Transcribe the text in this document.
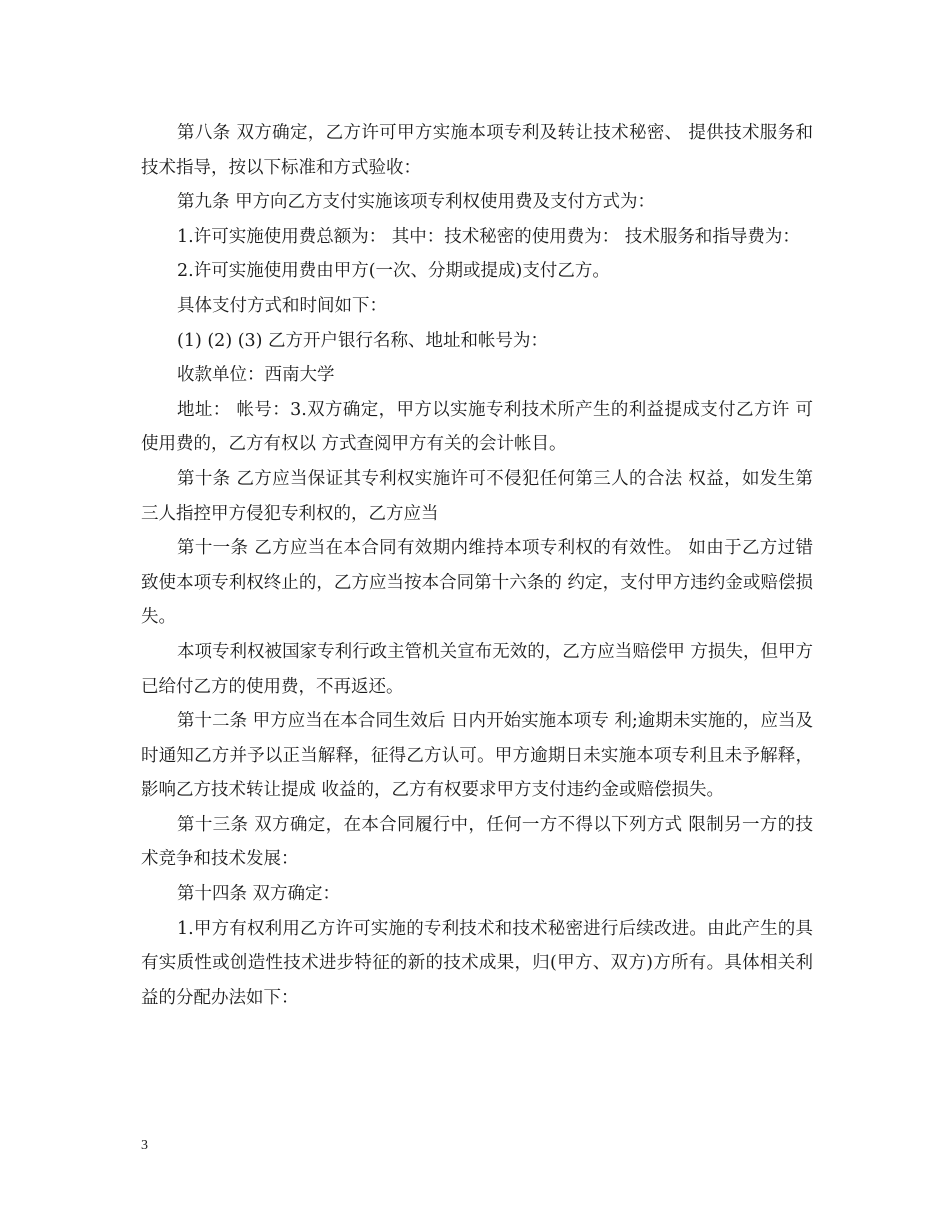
第八条 双方确定，乙方许可甲方实施本项专利及转让技术秘密、 提供技术服务和技术指导，按以下标准和方式验收：

第九条 甲方向乙方支付实施该项专利权使用费及支付方式为：

1.许可实施使用费总额为： 其中：技术秘密的使用费为： 技术服务和指导费为：

2.许可实施使用费由甲方(一次、分期或提成)支付乙方。

具体支付方式和时间如下：

(1) (2) (3) 乙方开户银行名称、地址和帐号为：

收款单位：西南大学

地址： 帐号：3.双方确定，甲方以实施专利技术所产生的利益提成支付乙方许 可使用费的，乙方有权以 方式查阅甲方有关的会计帐目。

第十条 乙方应当保证其专利权实施许可不侵犯任何第三人的合法 权益，如发生第三人指控甲方侵犯专利权的，乙方应当

第十一条 乙方应当在本合同有效期内维持本项专利权的有效性。 如由于乙方过错致使本项专利权终止的，乙方应当按本合同第十六条的 约定，支付甲方违约金或赔偿损失。

本项专利权被国家专利行政主管机关宣布无效的，乙方应当赔偿甲 方损失，但甲方已给付乙方的使用费，不再返还。

第十二条 甲方应当在本合同生效后 日内开始实施本项专 利;逾期未实施的，应当及时通知乙方并予以正当解释，征得乙方认可。甲方逾期日未实施本项专利且未予解释，影响乙方技术转让提成 收益的，乙方有权要求甲方支付违约金或赔偿损失。

第十三条 双方确定，在本合同履行中，任何一方不得以下列方式 限制另一方的技术竞争和技术发展：

第十四条 双方确定：

1.甲方有权利用乙方许可实施的专利技术和技术秘密进行后续改进。由此产生的具有实质性或创造性技术进步特征的新的技术成果，归(甲方、双方)方所有。具体相关利益的分配办法如下：

3
